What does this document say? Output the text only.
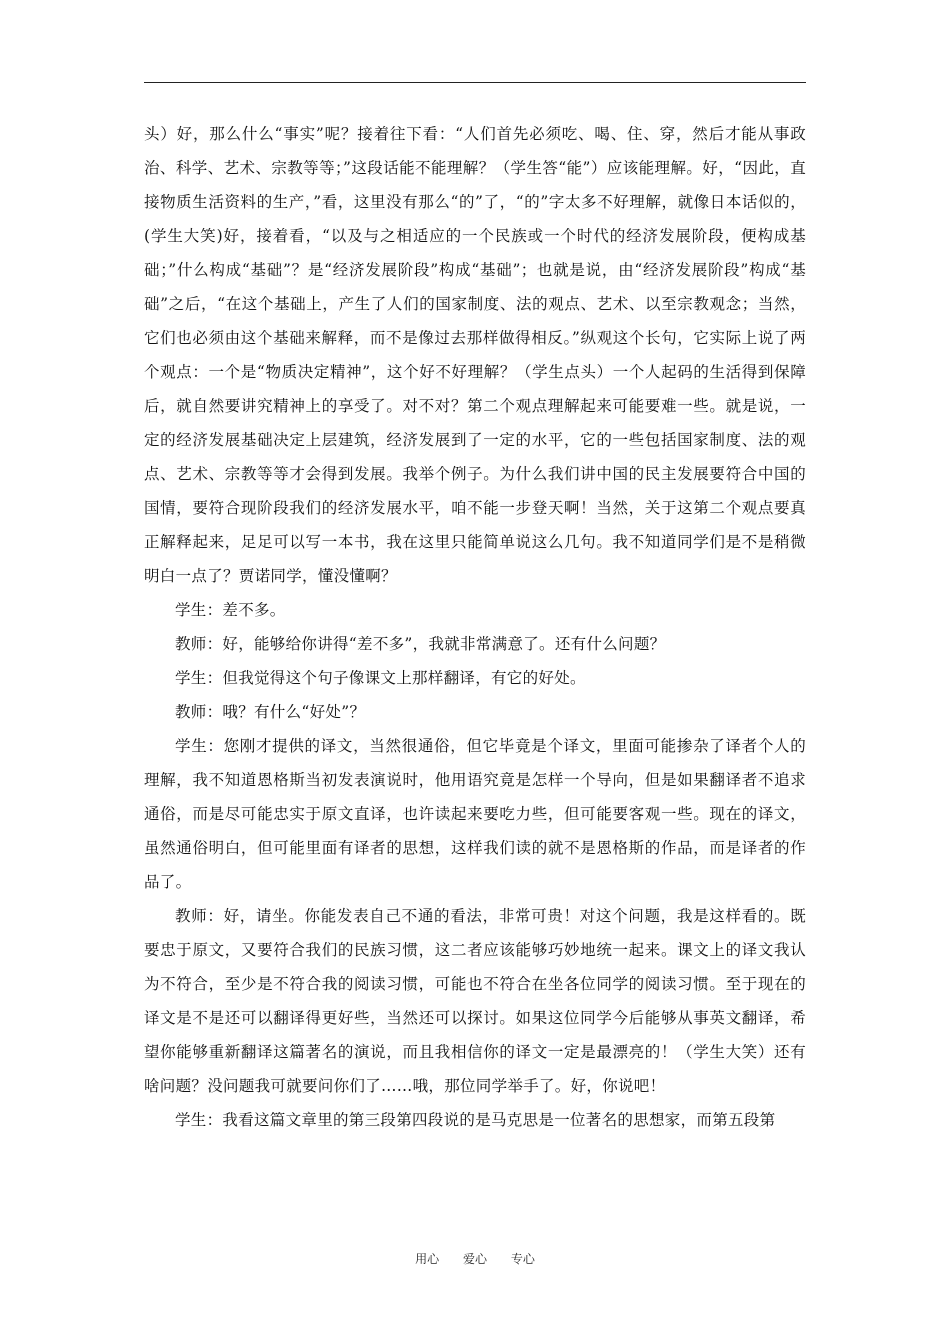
头）好，那么什么“事实”呢？接着往下看：“人们首先必须吃、喝、住、穿，然后才能从事政治、科学、艺术、宗教等等；”这段话能不能理解？（学生答“能”）应该能理解。好，“因此，直接物质生活资料的生产，”看，这里没有那么“的”了，“的”字太多不好理解，就像日本话似的，(学生大笑)好，接着看，“以及与之相适应的一个民族或一个时代的经济发展阶段，便构成基础；”什么构成“基础”？是“经济发展阶段”构成“基础”；也就是说，由“经济发展阶段”构成“基础”之后，“在这个基础上，产生了人们的国家制度、法的观点、艺术、以至宗教观念；当然，它们也必须由这个基础来解释，而不是像过去那样做得相反。”纵观这个长句，它实际上说了两个观点：一个是“物质决定精神”，这个好不好理解？（学生点头）一个人起码的生活得到保障后，就自然要讲究精神上的享受了。对不对？第二个观点理解起来可能要难一些。就是说，一定的经济发展基础决定上层建筑，经济发展到了一定的水平，它的一些包括国家制度、法的观点、艺术、宗教等等才会得到发展。我举个例子。为什么我们讲中国的民主发展要符合中国的国情，要符合现阶段我们的经济发展水平，咱不能一步登天啊！当然，关于这第二个观点要真正解释起来，足足可以写一本书，我在这里只能简单说这么几句。我不知道同学们是不是稍微明白一点了？贾诺同学，懂没懂啊？

学生：差不多。

教师：好，能够给你讲得“差不多”，我就非常满意了。还有什么问题？

学生：但我觉得这个句子像课文上那样翻译，有它的好处。

教师：哦？有什么“好处”？

学生：您刚才提供的译文，当然很通俗，但它毕竟是个译文，里面可能掺杂了译者个人的理解，我不知道恩格斯当初发表演说时，他用语究竟是怎样一个导向，但是如果翻译者不追求通俗，而是尽可能忠实于原文直译，也许读起来要吃力些，但可能要客观一些。现在的译文，虽然通俗明白，但可能里面有译者的思想，这样我们读的就不是恩格斯的作品，而是译者的作品了。

教师：好，请坐。你能发表自己不通的看法，非常可贵！对这个问题，我是这样看的。既要忠于原文，又要符合我们的民族习惯，这二者应该能够巧妙地统一起来。课文上的译文我认为不符合，至少是不符合我的阅读习惯，可能也不符合在坐各位同学的阅读习惯。至于现在的译文是不是还可以翻译得更好些，当然还可以探讨。如果这位同学今后能够从事英文翻译，希望你能够重新翻译这篇著名的演说，而且我相信你的译文一定是最漂亮的！（学生大笑）还有啥问题？没问题我可就要问你们了……哦，那位同学举手了。好，你说吧！

学生：我看这篇文章里的第三段第四段说的是马克思是一位著名的思想家，而第五段第

用心 爱心 专心
